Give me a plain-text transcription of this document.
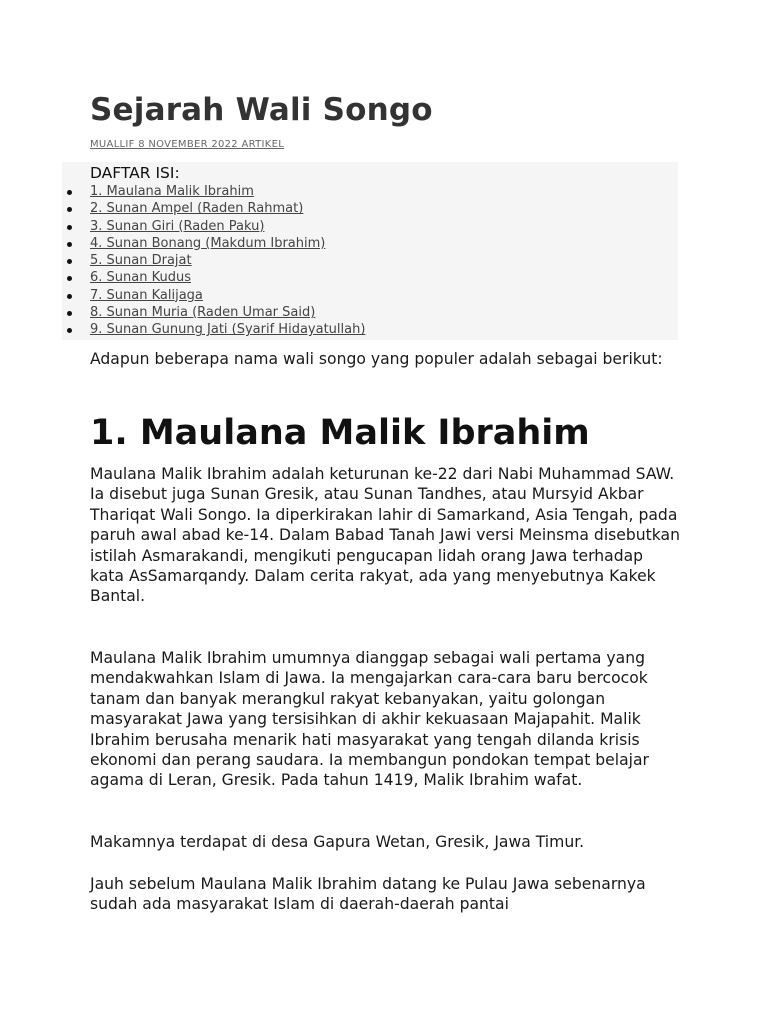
Sejarah Wali Songo
MUALLIF 8 NOVEMBER 2022 ARTIKEL
DAFTAR ISI:
1. Maulana Malik Ibrahim
2. Sunan Ampel (Raden Rahmat)
3. Sunan Giri (Raden Paku)
4. Sunan Bonang (Makdum Ibrahim)
5. Sunan Drajat
6. Sunan Kudus
7. Sunan Kalijaga
8. Sunan Muria (Raden Umar Said)
9. Sunan Gunung Jati (Syarif Hidayatullah)

Adapun beberapa nama wali songo yang populer adalah sebagai berikut:

1. Maulana Malik Ibrahim

Maulana Malik Ibrahim adalah keturunan ke-22 dari Nabi Muhammad SAW. Ia disebut juga Sunan Gresik, atau Sunan Tandhes, atau Mursyid Akbar Thariqat Wali Songo. Ia diperkirakan lahir di Samarkand, Asia Tengah, pada paruh awal abad ke-14. Dalam Babad Tanah Jawi versi Meinsma disebutkan istilah Asmarakandi, mengikuti pengucapan lidah orang Jawa terhadap kata AsSamarqandy. Dalam cerita rakyat, ada yang menyebutnya Kakek Bantal.

Maulana Malik Ibrahim umumnya dianggap sebagai wali pertama yang mendakwahkan Islam di Jawa. Ia mengajarkan cara-cara baru bercocok tanam dan banyak merangkul rakyat kebanyakan, yaitu golongan masyarakat Jawa yang tersisihkan di akhir kekuasaan Majapahit. Malik Ibrahim berusaha menarik hati masyarakat yang tengah dilanda krisis ekonomi dan perang saudara. Ia membangun pondokan tempat belajar agama di Leran, Gresik. Pada tahun 1419, Malik Ibrahim wafat.

Makamnya terdapat di desa Gapura Wetan, Gresik, Jawa Timur.

Jauh sebelum Maulana Malik Ibrahim datang ke Pulau Jawa sebenarnya sudah ada masyarakat Islam di daerah-daerah pantai
